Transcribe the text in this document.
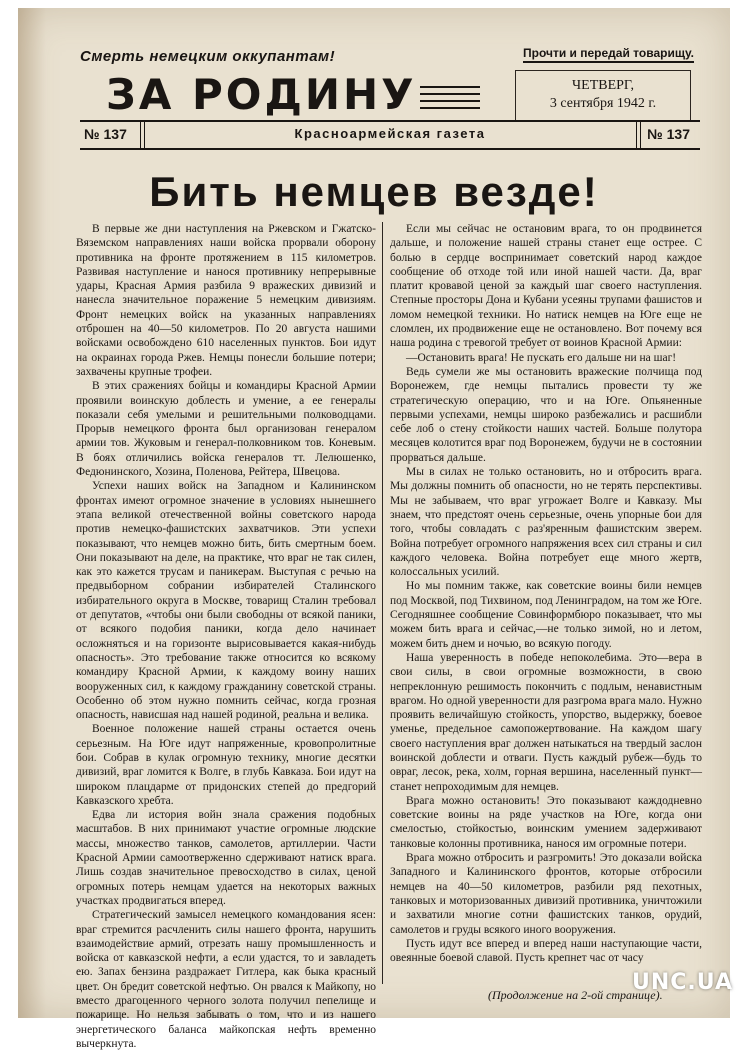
Смерть немецким оккупантам!	Прочти и передай товарищу.
ЗА РОДИНУ	ЧЕТВЕРГ,
3 сентября 1942 г.
№ 137	Красноармейская газета	№ 137
Бить немцев везде!

В первые же дни наступления на Ржевском и Гжатско-Вяземском направлениях наши войска прорвали оборону противника на фронте протяжением в 115 километров. Развивая наступление и нанося противнику непрерывные удары, Красная Армия разбила 9 вражеских дивизий и нанесла значительное поражение 5 немецким дивизиям. Фронт немецких войск на указанных направлениях отброшен на 40—50 километров. По 20 августа нашими войсками освобождено 610 населенных пунктов. Бои идут на окраинах города Ржев. Немцы понесли большие потери; захвачены крупные трофеи.

В этих сражениях бойцы и командиры Красной Армии проявили воинскую доблесть и умение, а ее генералы показали себя умелыми и решительными полководцами. Прорыв немецкого фронта был организован генералом армии тов. Жуковым и генерал-полковником тов. Коневым. В боях отличились войска генералов тт. Лелюшенко, Федюнинского, Хозина, Поленова, Рейтера, Швецова.

Успехи наших войск на Западном и Калининском фронтах имеют огромное значение в условиях нынешнего этапа великой отечественной войны советского народа против немецко-фашистских захватчиков. Эти успехи показывают, что немцев можно бить, бить смертным боем. Они показывают на деле, на практике, что враг не так силен, как это кажется трусам и паникерам. Выступая с речью на предвыборном собрании избирателей Сталинского избирательного округа в Москве, товарищ Сталин требовал от депутатов, «чтобы они были свободны от всякой паники, от всякого подобия паники, когда дело начинает осложняться и на горизонте вырисовывается какая-нибудь опасность». Это требование также относится ко всякому командиру Красной Армии, к каждому воину наших вооруженных сил, к каждому гражданину советской страны. Особенно об этом нужно помнить сейчас, когда грозная опасность, нависшая над нашей родиной, реальна и велика.

Военное положение нашей страны остается очень серьезным. На Юге идут напряженные, кровопролитные бои. Собрав в кулак огромную технику, многие десятки дивизий, враг ломится к Волге, в глубь Кавказа. Бои идут на широком плацдарме от придонских степей до предгорий Кавказского хребта.

Едва ли история войн знала сражения подобных масштабов. В них принимают участие огромные людские массы, множество танков, самолетов, артиллерии. Части Красной Армии самоотверженно сдерживают натиск врага. Лишь создав значительное превосходство в силах, ценой огромных потерь немцам удается на некоторых важных участках продвигаться вперед.

Стратегический замысел немецкого командования ясен: враг стремится расчленить силы нашего фронта, нарушить взаимодействие армий, отрезать нашу промышленность и войска от кавказской нефти, а если удастся, то и завладеть ею. Запах бензина раздражает Гитлера, как быка красный цвет. Он бредит советской нефтью. Он рвался к Майкопу, но вместо драгоценного черного золота получил пепелище и пожарище. Но нельзя забывать о том, что и из нашего энергетического баланса майкопская нефть временно вычеркнута.

Если мы сейчас не остановим врага, то он продвинется дальше, и положение нашей страны станет еще острее. С болью в сердце воспринимает советский народ каждое сообщение об отходе той или иной нашей части. Да, враг платит кровавой ценой за каждый шаг своего наступления. Степные просторы Дона и Кубани усеяны трупами фашистов и ломом немецкой техники. Но натиск немцев на Юге еще не сломлен, их продвижение еще не остановлено. Вот почему вся наша родина с тревогой требует от воинов Красной Армии:

—Остановить врага! Не пускать его дальше ни на шаг!

Ведь сумели же мы остановить вражеские полчища под Воронежем, где немцы пытались провести ту же стратегическую операцию, что и на Юге. Опьяненные первыми успехами, немцы широко разбежались и расшибли себе лоб о стену стойкости наших частей. Больше полутора месяцев колотится враг под Воронежем, будучи не в состоянии прорваться дальше.

Мы в силах не только остановить, но и отбросить врага. Мы должны помнить об опасности, но не терять перспективы. Мы не забываем, что враг угрожает Волге и Кавказу. Мы знаем, что предстоят очень серьезные, очень упорные бои для того, чтобы совладать с раз'яренным фашистским зверем. Война потребует огромного напряжения всех сил страны и сил каждого человека. Война потребует еще много жертв, колоссальных усилий.

Но мы помним также, как советские воины били немцев под Москвой, под Тихвином, под Ленинградом, на том же Юге. Сегодняшнее сообщение Совинформбюро показывает, что мы можем бить врага и сейчас,—не только зимой, но и летом, можем бить днем и ночью, во всякую погоду.

Наша уверенность в победе непоколебима. Это—вера в свои силы, в свои огромные возможности, в свою непреклонную решимость покончить с подлым, ненавистным врагом. Но одной уверенности для разгрома врага мало. Нужно проявить величайшую стойкость, упорство, выдержку, боевое уменье, предельное самопожертвование. На каждом шагу своего наступления враг должен натыкаться на твердый заслон воинской доблести и отваги. Пусть каждый рубеж—будь то овраг, лесок, река, холм, горная вершина, населенный пункт—станет непроходимым для немцев.

Врага можно остановить! Это показывают каждодневно советские воины на ряде участков на Юге, когда они смелостью, стойкостью, воинским умением задерживают танковые колонны противника, нанося им огромные потери.

Врага можно отбросить и разгромить! Это доказали войска Западного и Калининского фронтов, которые отбросили немцев на 40—50 километров, разбили ряд пехотных, танковых и моторизованных дивизий противника, уничтожили и захватили многие сотни фашистских танков, орудий, самолетов и груды всякого иного вооружения.

Пусть идут все вперед и вперед наши наступающие части, овеянные боевой славой. Пусть крепнет час от часу

(Продолжение на 2-ой странице).
UNC.UA
